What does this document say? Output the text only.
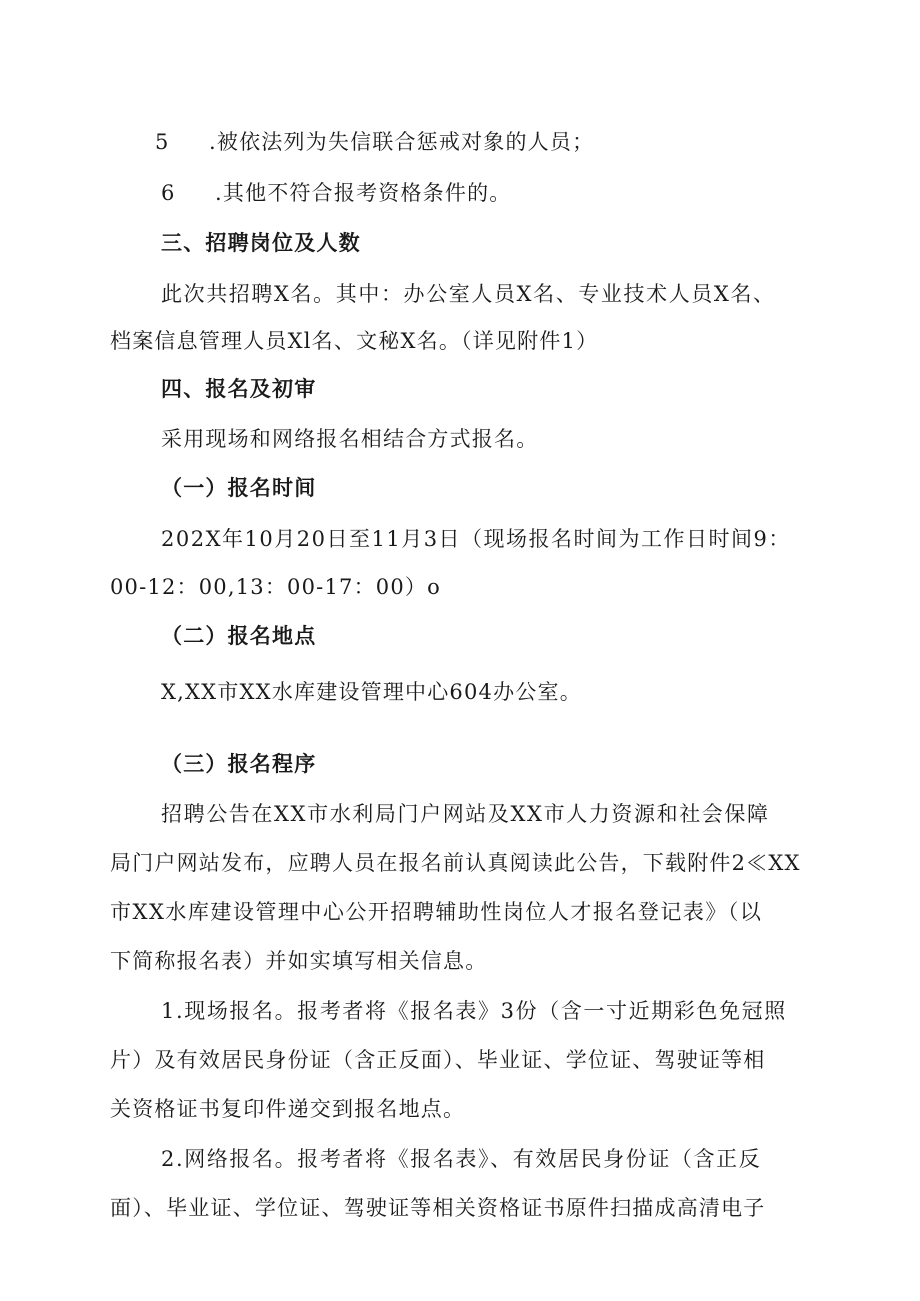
5 .被依法列为失信联合惩戒对象的人员；
6 .其他不符合报考资格条件的。
三、招聘岗位及人数
此次共招聘X名。其中：办公室人员X名、专业技术人员X名、
档案信息管理人员Xl名、文秘X名。（详见附件1）
四、报名及初审
采用现场和网络报名相结合方式报名。
（一）报名时间
202X年10月20日至11月3日（现场报名时间为工作日时间9：
00-12：00,13：00-17：00）o
（二）报名地点
X,XX市XX水库建设管理中心604办公室。
（三）报名程序
招聘公告在XX市水利局门户网站及XX市人力资源和社会保障
局门户网站发布，应聘人员在报名前认真阅读此公告，下载附件2≪XX
市XX水库建设管理中心公开招聘辅助性岗位人才报名登记表》（以
下简称报名表）并如实填写相关信息。
1.现场报名。报考者将《报名表》3份（含一寸近期彩色免冠照
片）及有效居民身份证（含正反面）、毕业证、学位证、驾驶证等相
关资格证书复印件递交到报名地点。
2.网络报名。报考者将《报名表》、有效居民身份证（含正反
面）、毕业证、学位证、驾驶证等相关资格证书原件扫描成高清电子
